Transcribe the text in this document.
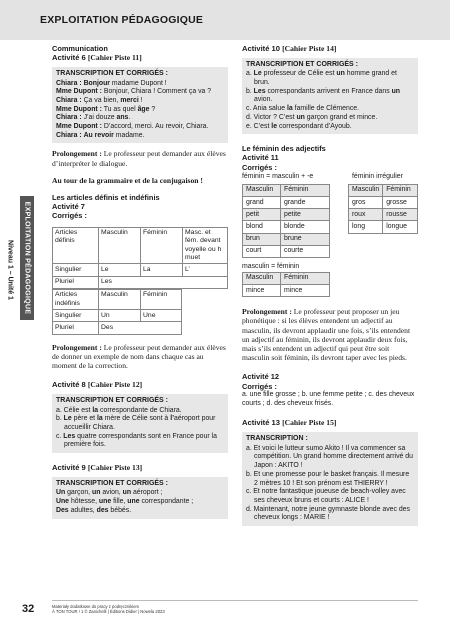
EXPLOITATION PÉDAGOGIQUE
Niveau 1 – Unité 1 EXPLOITATION PÉDAGOGIQUE
Communication
Activité 6 [Cahier Piste 11]
TRANSCRIPTION ET CORRIGÉS :

Chiara : Bonjour madame Dupont !

Mme Dupont : Bonjour, Chiara ! Comment ça va ?

Chiara : Ça va bien, merci !

Mme Dupont : Tu as quel âge ?

Chiara : J’ai douze ans.

Mme Dupont : D’accord, merci. Au revoir, Chiara.

Chiara : Au revoir madame.

Prolongement : Le professeur peut demander aux élèves d’interpréter le dialogue.
Au tour de la grammaire et de la conjugaison !
Les articles définis et indéfinis
Activité 7
Corrigés :
Articles définis	Masculin	Féminin	Masc. et fém. devant voyelle ou h muet
Singulier	Le	La	L’
Pluriel	Les		
Articles indéfinis	Masculin	Féminin
Singulier	Un	Une
Pluriel	Des	
Prolongement : Le professeur peut demander aux élèves de donner un exemple de nom dans chaque cas au moment de la correction.
Activité 8 [Cahier Piste 12]
TRANSCRIPTION ET CORRIGÉS :

a. Célie est la correspondante de Chiara.

b. Le père et la mère de Célie sont à l’aéroport pour accueillir Chiara.

c. Les quatre correspondants sont en France pour la première fois.

Activité 9 [Cahier Piste 13]
TRANSCRIPTION ET CORRIGÉS :

Un garçon, un avion, un aéroport ;

Une hôtesse, une fille, une correspondante ;

Des adultes, des bébés.

Activité 10 [Cahier Piste 14]
TRANSCRIPTION ET CORRIGÉS :

a. Le professeur de Célie est un homme grand et brun.

b. Les correspondants arrivent en France dans un avion.

c. Ania salue la famille de Clémence.

d. Victor ? C’est un garçon grand et mince.

e. C’est le correspondant d’Ayoub.

Le féminin des adjectifs
Activité 11
Corrigés :
féminin = masculin + -e	féminin irrégulier
Masculin	Féminin
grand	grande
petit	petite
blond	blonde
brun	brune
court	courte
Masculin	Féminin
gros	grosse
roux	rousse
long	longue
masculin = féminin
Masculin	Féminin
mince	mince
Prolongement : Le professeur peut proposer un jeu phonétique : si les élèves entendent un adjectif au masculin, ils devront applaudir une fois, s’ils entendent un adjectif au féminin, ils devront applaudir deux fois, mais s’ils entendent un adjectif qui peut être soit masculin soit féminin, ils devront taper avec les pieds.
Activité 12
Corrigés :
a. une fille grosse ; b. une femme petite ; c. des cheveux courts ; d. des cheveux frisés.
Activité 13 [Cahier Piste 15]
TRANSCRIPTION :

a. Et voici le lutteur sumo Akito ! Il va commencer sa compétition. Un grand homme directement arrivé du Japon : AKITO !

b. Et une promesse pour le basket français. Il mesure 2 mètres 10 ! Et son prénom est THIERRY !

c. Et notre fantastique joueuse de beach-volley avec ses cheveux bruns et courts : ALICE !

d. Maintenant, notre jeune gymnaste blonde avec des cheveux longs : MARIE !

32	Materiały dodatkowe do pracy z podręcznikiem
À TON TOUR ! 1 © Zanichelli | Éditions Didier | Nowela 2023
